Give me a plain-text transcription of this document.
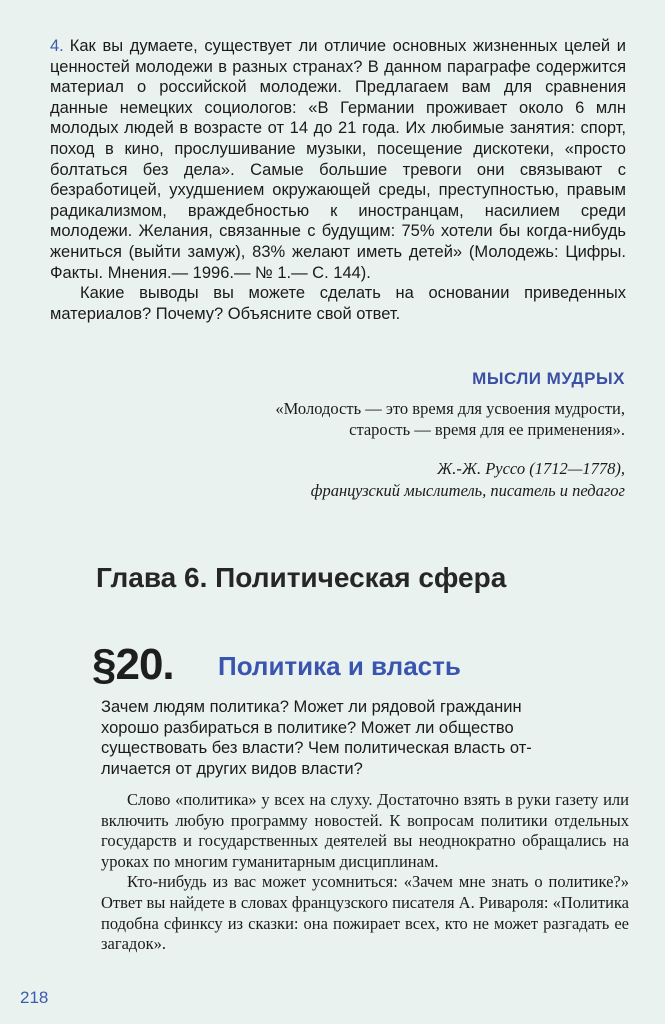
4. Как вы думаете, существует ли отличие основных жизненных целей и ценностей молодежи в разных странах? В данном параграфе содержится материал о российской молодежи. Предлагаем вам для сравнения данные немецких социологов: «В Германии проживает около 6 млн молодых людей в возрасте от 14 до 21 года. Их любимые занятия: спорт, поход в кино, прослушивание музыки, посещение дискотеки, «просто болтаться без дела». Самые большие тревоги они связывают с безработицей, ухудшением окружающей среды, преступностью, правым радикализмом, враждебностью к иностранцам, насилием среди молодежи. Желания, связанные с будущим: 75% хотели бы когда-нибудь жениться (выйти замуж), 83% желают иметь детей» (Молодежь: Цифры. Факты. Мнения.— 1996.— № 1.— С. 144).

Какие выводы вы можете сделать на основании приведенных материалов? Почему? Объясните свой ответ.

МЫСЛИ МУДРЫХ
«Молодость — это время для усвоения мудрости,
старость — время для ее применения».
Ж.-Ж. Руссо (1712—1778),
французский мыслитель, писатель и педагог
Глава 6. Политическая сфера
§20. Политика и власть
Зачем людям политика? Может ли рядовой гражданин
хорошо разбираться в политике? Может ли общество
существовать без власти? Чем политическая власть от-
личается от других видов власти?

Слово «политика» у всех на слуху. Достаточно взять в руки газету или включить любую программу новостей. К вопросам политики отдельных государств и государственных деятелей вы неоднократно обращались на уроках по многим гуманитарным дисциплинам.

Кто-нибудь из вас может усомниться: «Зачем мне знать о политике?» Ответ вы найдете в словах французского писателя А. Ривароля: «Политика подобна сфинксу из сказки: она пожирает всех, кто не может разгадать ее загадок».

218
